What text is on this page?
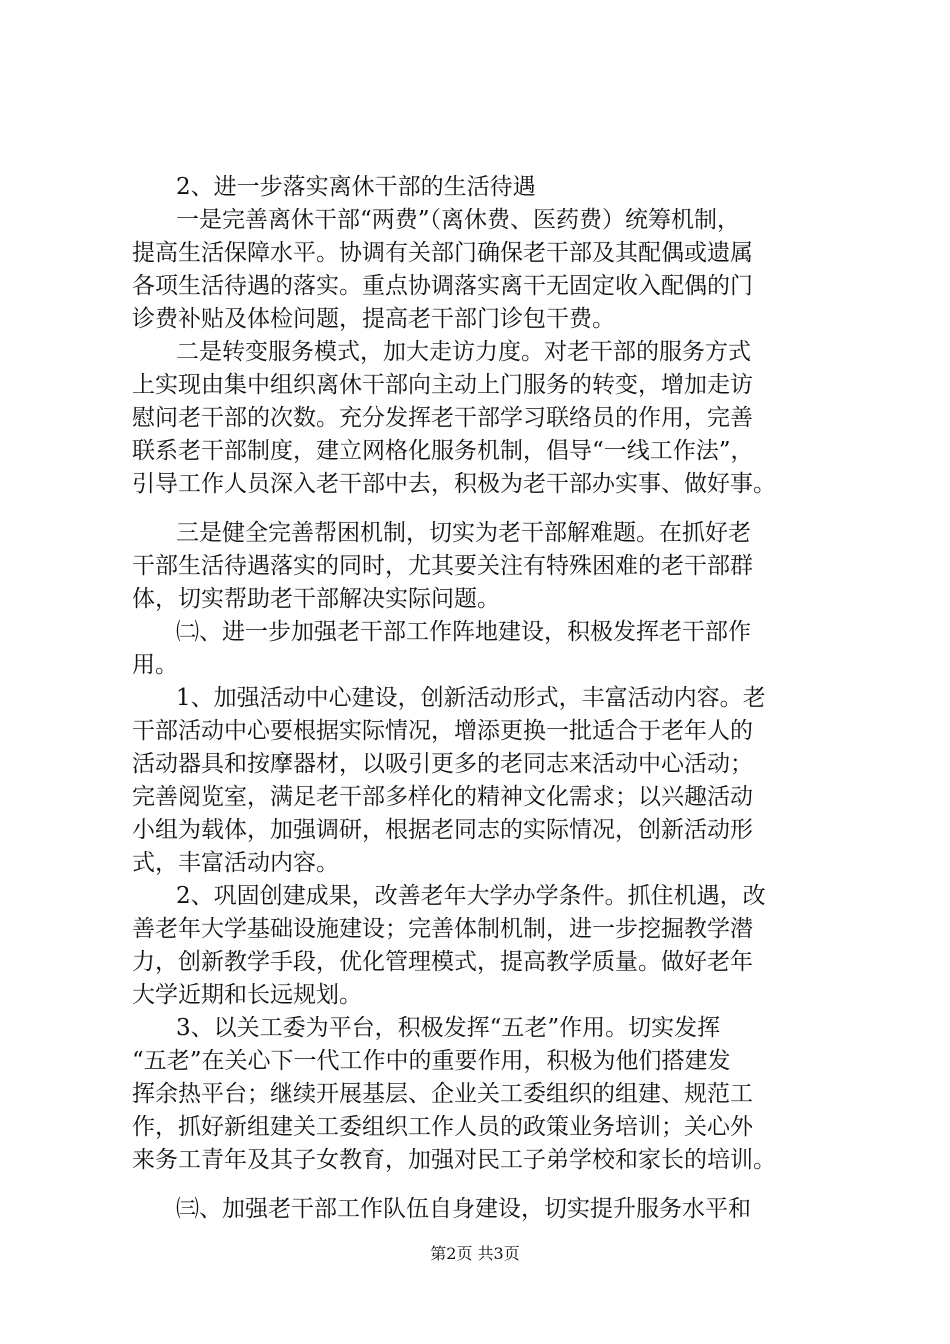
2、进一步落实离休干部的生活待遇
一是完善离休干部“两费”（离休费、医药费）统筹机制，
提高生活保障水平。协调有关部门确保老干部及其配偶或遗属
各项生活待遇的落实。重点协调落实离干无固定收入配偶的门
诊费补贴及体检问题，提高老干部门诊包干费。
二是转变服务模式，加大走访力度。对老干部的服务方式
上实现由集中组织离休干部向主动上门服务的转变，增加走访
慰问老干部的次数。充分发挥老干部学习联络员的作用，完善
联系老干部制度，建立网格化服务机制，倡导“一线工作法”，
引导工作人员深入老干部中去，积极为老干部办实事、做好事。
三是健全完善帮困机制，切实为老干部解难题。在抓好老
干部生活待遇落实的同时，尤其要关注有特殊困难的老干部群
体，切实帮助老干部解决实际问题。
㈡、进一步加强老干部工作阵地建设，积极发挥老干部作
用。
1、加强活动中心建设，创新活动形式，丰富活动内容。老
干部活动中心要根据实际情况，增添更换一批适合于老年人的
活动器具和按摩器材，以吸引更多的老同志来活动中心活动；
完善阅览室，满足老干部多样化的精神文化需求；以兴趣活动
小组为载体，加强调研，根据老同志的实际情况，创新活动形
式，丰富活动内容。
2、巩固创建成果，改善老年大学办学条件。抓住机遇，改
善老年大学基础设施建设；完善体制机制，进一步挖掘教学潜
力，创新教学手段，优化管理模式，提高教学质量。做好老年
大学近期和长远规划。
3、以关工委为平台，积极发挥“五老”作用。切实发挥
“五老”在关心下一代工作中的重要作用，积极为他们搭建发
挥余热平台；继续开展基层、企业关工委组织的组建、规范工
作，抓好新组建关工委组织工作人员的政策业务培训；关心外
来务工青年及其子女教育，加强对民工子弟学校和家长的培训。
㈢、加强老干部工作队伍自身建设，切实提升服务水平和
第2页 共3页
